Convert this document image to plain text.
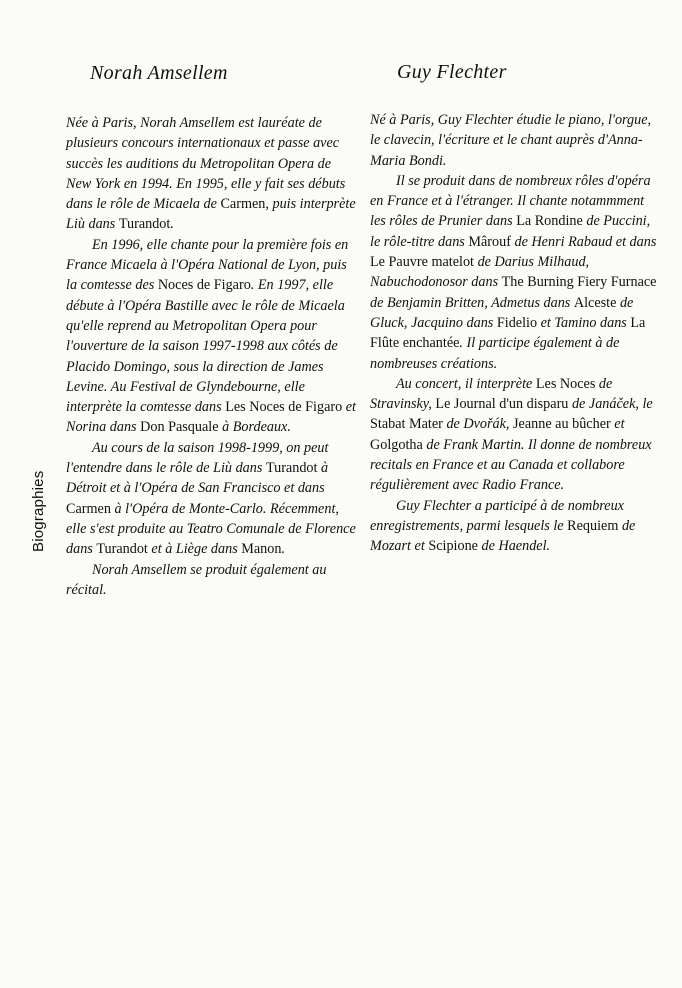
Biographies
Norah Amsellem

Née à Paris, Norah Amsellem est lauréate de plusieurs concours internationaux et passe avec succès les auditions du Metropolitan Opera de New York en 1994. En 1995, elle y fait ses débuts dans le rôle de Micaela de Carmen, puis interprète Liù dans Turandot.

En 1996, elle chante pour la première fois en France Micaela à l'Opéra National de Lyon, puis la comtesse des Noces de Figaro. En 1997, elle débute à l'Opéra Bastille avec le rôle de Micaela qu'elle reprend au Metropolitan Opera pour l'ouverture de la saison 1997-1998 aux côtés de Placido Domingo, sous la direction de James Levine. Au Festival de Glyndebourne, elle interprète la comtesse dans Les Noces de Figaro et Norina dans Don Pasquale à Bordeaux.

Au cours de la saison 1998-1999, on peut l'entendre dans le rôle de Liù dans Turandot à Détroit et à l'Opéra de San Francisco et dans Carmen à l'Opéra de Monte-Carlo. Récemment, elle s'est produite au Teatro Comunale de Florence dans Turandot et à Liège dans Manon.

Norah Amsellem se produit également au récital.

Guy Flechter

Né à Paris, Guy Flechter étudie le piano, l'orgue, le clavecin, l'écriture et le chant auprès d'Anna-Maria Bondi.

Il se produit dans de nombreux rôles d'opéra en France et à l'étranger. Il chante notammment les rôles de Prunier dans La Rondine de Puccini, le rôle-titre dans Mârouf de Henri Rabaud et dans Le Pauvre matelot de Darius Milhaud, Nabuchodonosor dans The Burning Fiery Furnace de Benjamin Britten, Admetus dans Alceste de Gluck, Jacquino dans Fidelio et Tamino dans La Flûte enchantée. Il participe également à de nombreuses créations.

Au concert, il interprète Les Noces de Stravinsky, Le Journal d'un disparu de Janáček, le Stabat Mater de Dvořák, Jeanne au bûcher et Golgotha de Frank Martin. Il donne de nombreux recitals en France et au Canada et collabore régulièrement avec Radio France.

Guy Flechter a participé à de nombreux enregistrements, parmi lesquels le Requiem de Mozart et Scipione de Haendel.
